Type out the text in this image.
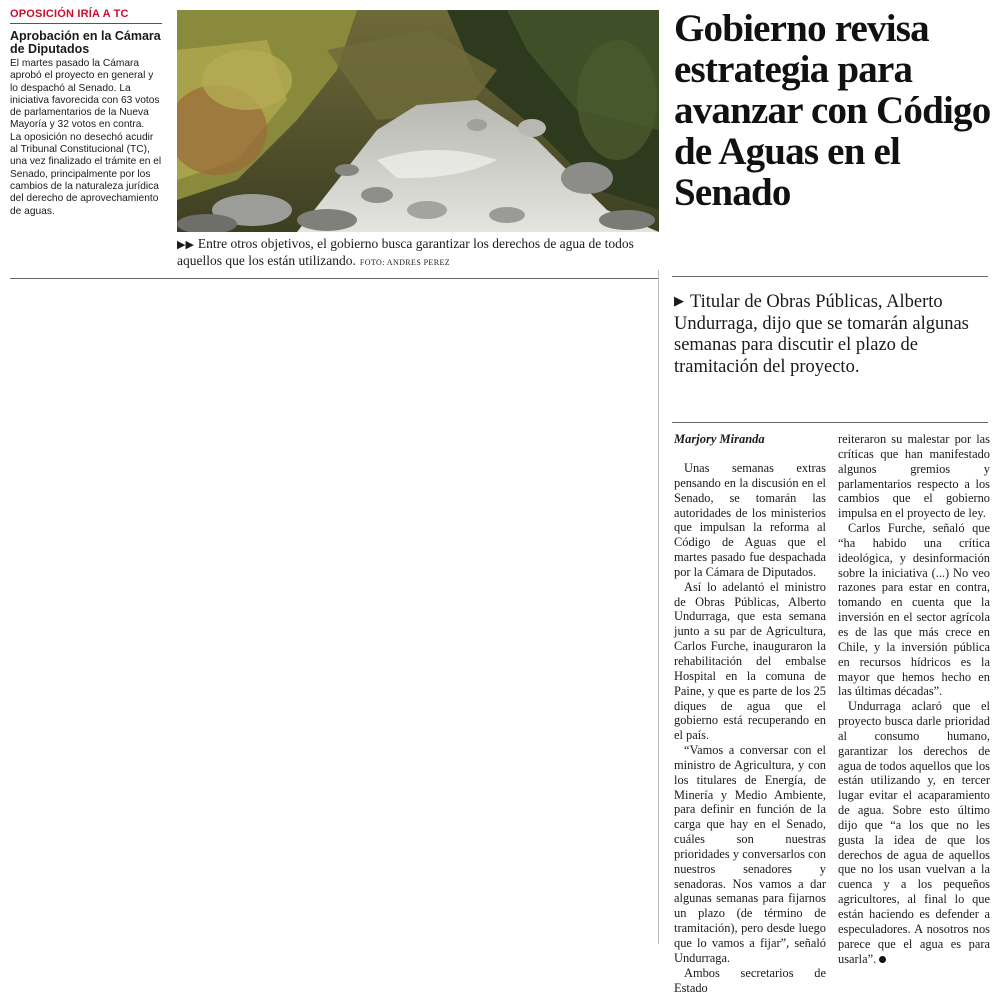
OPOSICIÓN IRÍA A TC

Aprobación en la Cámara de Diputados

El martes pasado la Cámara aprobó el proyecto en general y lo despachó al Senado. La iniciativa favorecida con 63 votos de parlamentarios de la Nueva Mayoría y 32 votos en contra.

La oposición no desechó acudir al Tribunal Constitucional (TC), una vez finalizado el trámite en el Senado, principalmente por los cambios de la naturaleza jurídica del derecho de aprovechamiento de aguas.

▶▶ Entre otros objetivos, el gobierno busca garantizar los derechos de agua de todos aquellos que los están utilizando. FOTO: ANDRES PEREZ

Gobierno revisa estrategia para avanzar con Código de Aguas en el Senado

▶ Titular de Obras Públicas, Alberto Undurraga, dijo que se tomarán algunas semanas para discutir el plazo de tramitación del proyecto.

Marjory Miranda

Unas semanas extras pensando en la discusión en el Senado, se tomarán las autoridades de los ministerios que impulsan la reforma al Código de Aguas que el martes pasado fue despachada por la Cámara de Diputados.

Así lo adelantó el ministro de Obras Públicas, Alberto Undurraga, que esta semana junto a su par de Agricultura, Carlos Furche, inauguraron la rehabilitación del embalse Hospital en la comuna de Paine, y que es parte de los 25 diques de agua que el gobierno está recuperando en el país.

“Vamos a conversar con el ministro de Agricultura, y con los titulares de Energía, de Minería y Medio Ambiente, para definir en función de la carga que hay en el Senado, cuáles son nuestras prioridades y conversarlos con nuestros senadores y senadoras. Nos vamos a dar algunas semanas para fijarnos un plazo (de término de tramitación), pero desde luego que lo vamos a fijar”, señaló Undurraga.

Ambos secretarios de Estado

reiteraron su malestar por las críticas que han manifestado algunos gremios y parlamentarios respecto a los cambios que el gobierno impulsa en el proyecto de ley.

Carlos Furche, señaló que “ha habido una crítica ideológica, y desinformación sobre la iniciativa (...) No veo razones para estar en contra, tomando en cuenta que la inversión en el sector agrícola es de las que más crece en Chile, y la inversión pública en recursos hídricos es la mayor que hemos hecho en las últimas décadas”.

Undurraga aclaró que el proyecto busca darle prioridad al consumo humano, garantizar los derechos de agua de todos aquellos que los están utilizando y, en tercer lugar evitar el acaparamiento de agua. Sobre esto último dijo que “a los que no les gusta la idea de que los derechos de agua de aquellos que no los usan vuelvan a la cuenca y a los pequeños agricultores, al final lo que están haciendo es defender a especuladores. A nosotros nos parece que el agua es para usarla”.
